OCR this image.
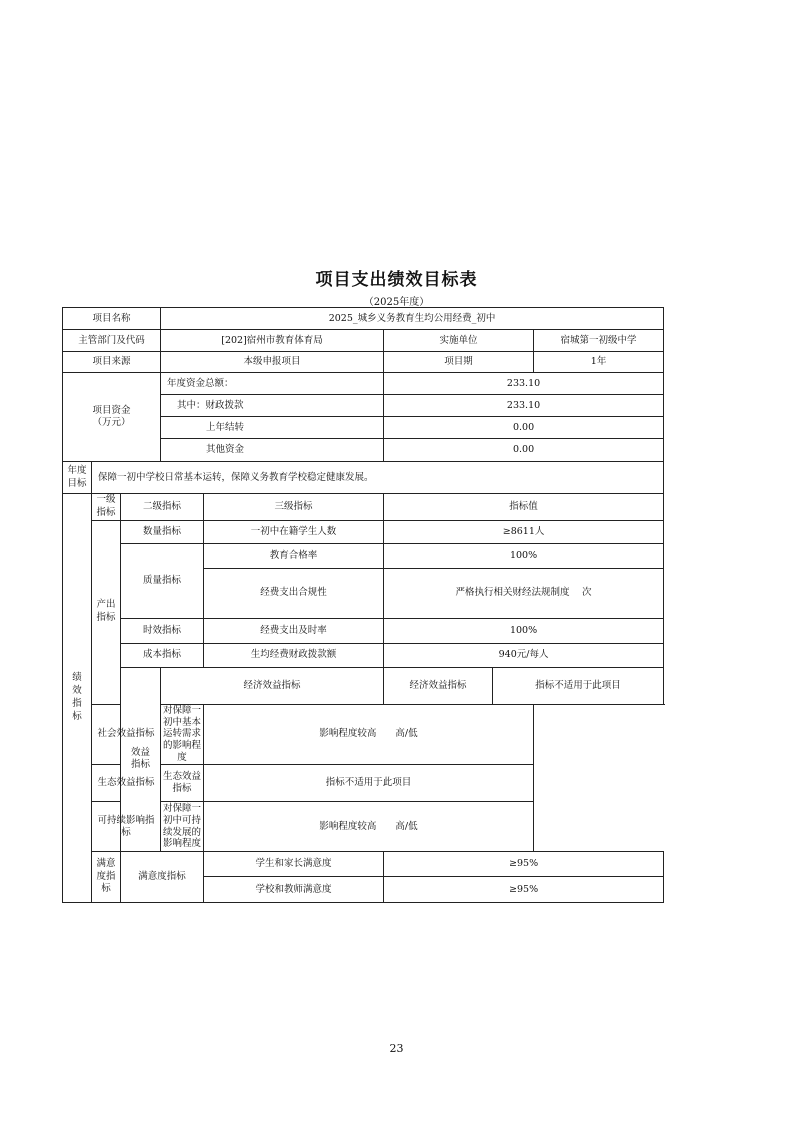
项目支出绩效目标表
（2025年度）
项目名称			2025_城乡义务教育生均公用经费_初中				
主管部门及代码			[202]宿州市教育体育局		实施单位		宿城第一初级中学
项目来源			本级申报项目		项目期		1年

项目资金
（万元）			年度资金总额：		233.10		
			其中：财政拨款		233.10		
			上年结转		0.00		
			其他资金		0.00		
年度目标	保障一初中学校日常基本运转，保障义务教育学校稳定健康发展。						
绩效指标	一级指标	二级指标		三级指标	指标值		
	产出指标	数量指标		一初中在籍学生人数	≥8611人		
		质量指标		教育合格率	100%		
				经费支出合规性	严格执行相关财经法规制度　 次		
		时效指标		经费支出及时率	100%		
		成本指标		生均经费财政拨款额	940元/每人		
		效益指标	经济效益指标		经济效益指标	指标不适用于此项目	
	社会效益指标		对保障一初中基本运转需求的影响程度	影响程度较高　　高/低			
	生态效益指标		生态效益指标	指标不适用于此项目			
	可持续影响指标		对保障一初中可持续发展的影响程度	影响程度较高　　高/低			
	满意度指标	满意度指标		学生和家长满意度	≥95%		
				学校和教师满意度	≥95%		
23
